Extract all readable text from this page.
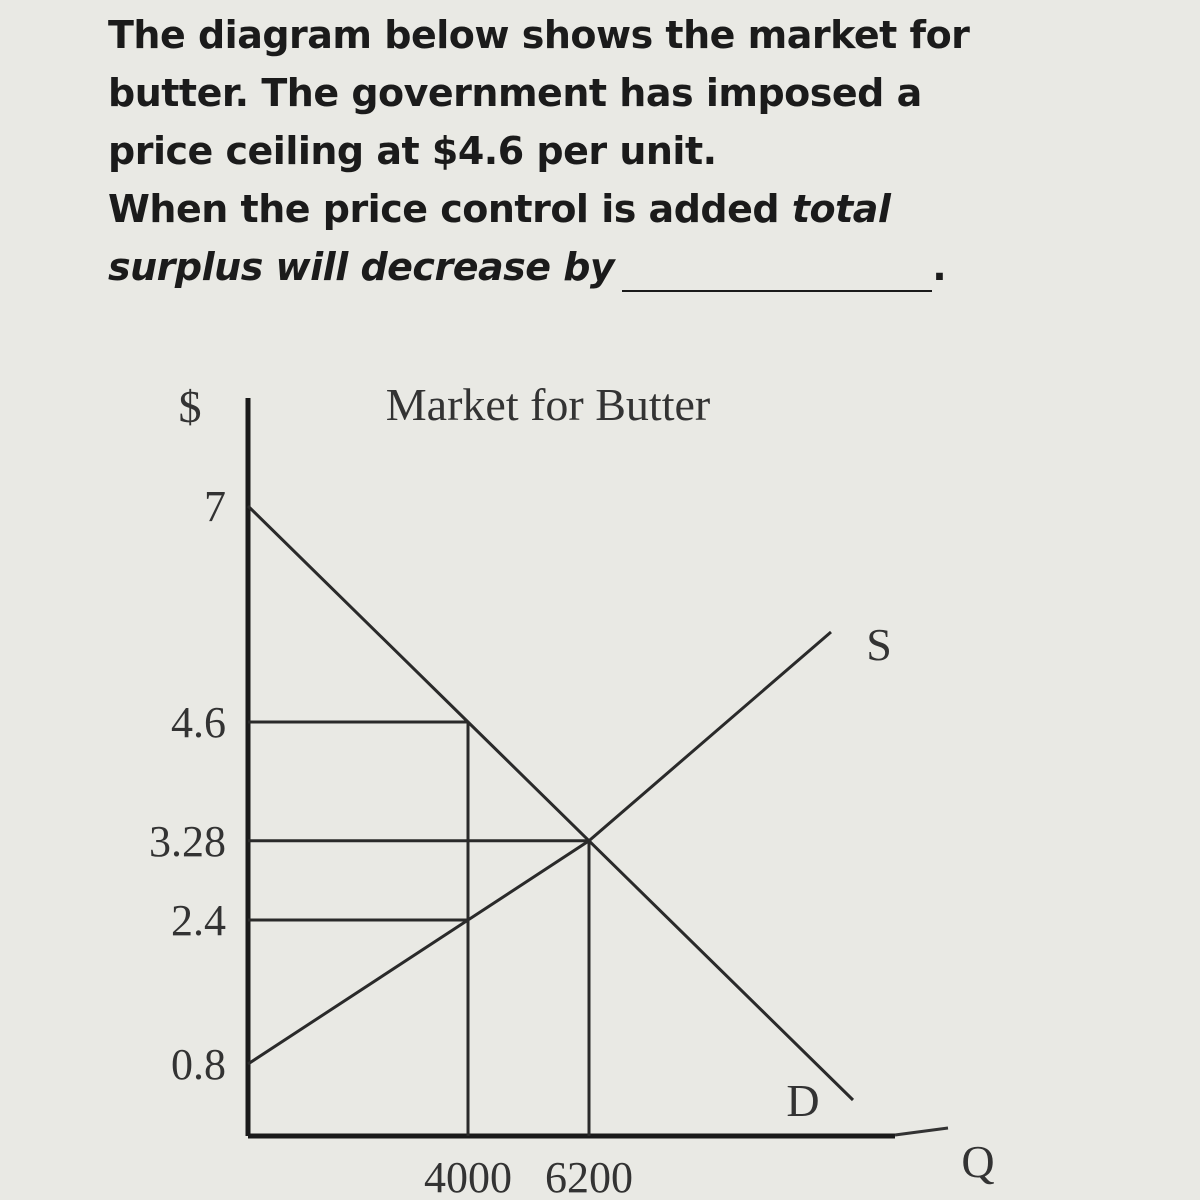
The diagram below shows the market for
butter. The government has imposed a
price ceiling at $4.6 per unit.
When the price control is added total
surplus will decrease by	.
Market for Butter
$
Q
D
S
7
4.6
3.28
2.4
0.8
4000 6200
